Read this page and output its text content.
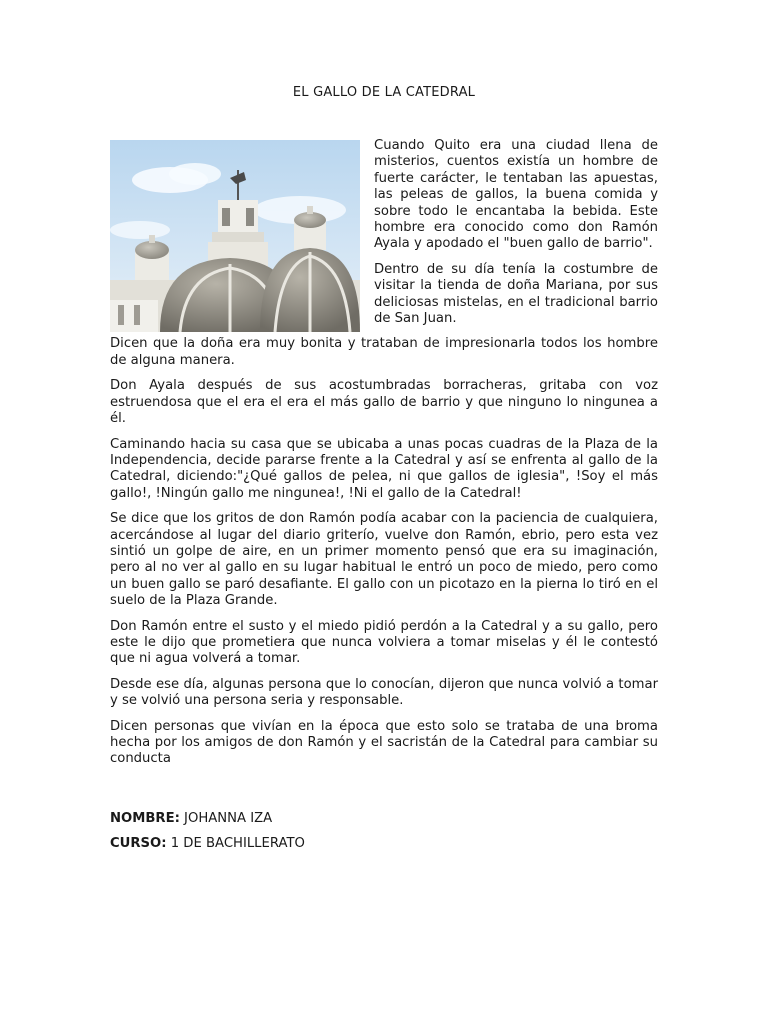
EL GALLO DE LA CATEDRAL

Cuando Quito era una ciudad llena de misterios, cuentos existía un hombre de fuerte carácter, le tentaban las apuestas, las peleas de gallos, la buena comida y sobre todo le encantaba la bebida. Este hombre era conocido como don Ramón Ayala y apodado el "buen gallo de barrio".

Dentro de su día tenía la costumbre de visitar la tienda de doña Mariana, por sus deliciosas mistelas, en el tradicional barrio de San Juan.

Dicen que la doña era muy bonita y trataban de impresionarla todos los hombre de alguna manera.

Don Ayala después de sus acostumbradas borracheras, gritaba con voz estruendosa que el era el era el más gallo de barrio y que ninguno lo ningunea a él.

Caminando hacia su casa que se ubicaba a unas pocas cuadras de la Plaza de la Independencia, decide pararse frente a la Catedral y así se enfrenta al gallo de la Catedral, diciendo:"¿Qué gallos de pelea, ni que gallos de iglesia", !Soy el más gallo!, !Ningún gallo me ningunea!, !Ni el gallo de la Catedral!

Se dice que los gritos de don Ramón podía acabar con la paciencia de cualquiera, acercándose al lugar del diario griterío, vuelve don Ramón, ebrio, pero esta vez sintió un golpe de aire, en un primer momento pensó que era su imaginación, pero al no ver al gallo en su lugar habitual le entró un poco de miedo, pero como un buen gallo se paró desafiante. El gallo con un picotazo en la pierna lo tiró en el suelo de la Plaza Grande.

Don Ramón entre el susto y el miedo pidió perdón a la Catedral y a su gallo, pero este le dijo que prometiera que nunca volviera a tomar miselas y él le contestó que ni agua volverá a tomar.

Desde ese día, algunas persona que lo conocían, dijeron que nunca volvió a tomar y se volvió una persona seria y responsable.

Dicen personas que vivían en la época que esto solo se trataba de una broma hecha por los amigos de don Ramón y el sacristán de la Catedral para cambiar su conducta

NOMBRE: JOHANNA IZA
CURSO: 1 DE BACHILLERATO
